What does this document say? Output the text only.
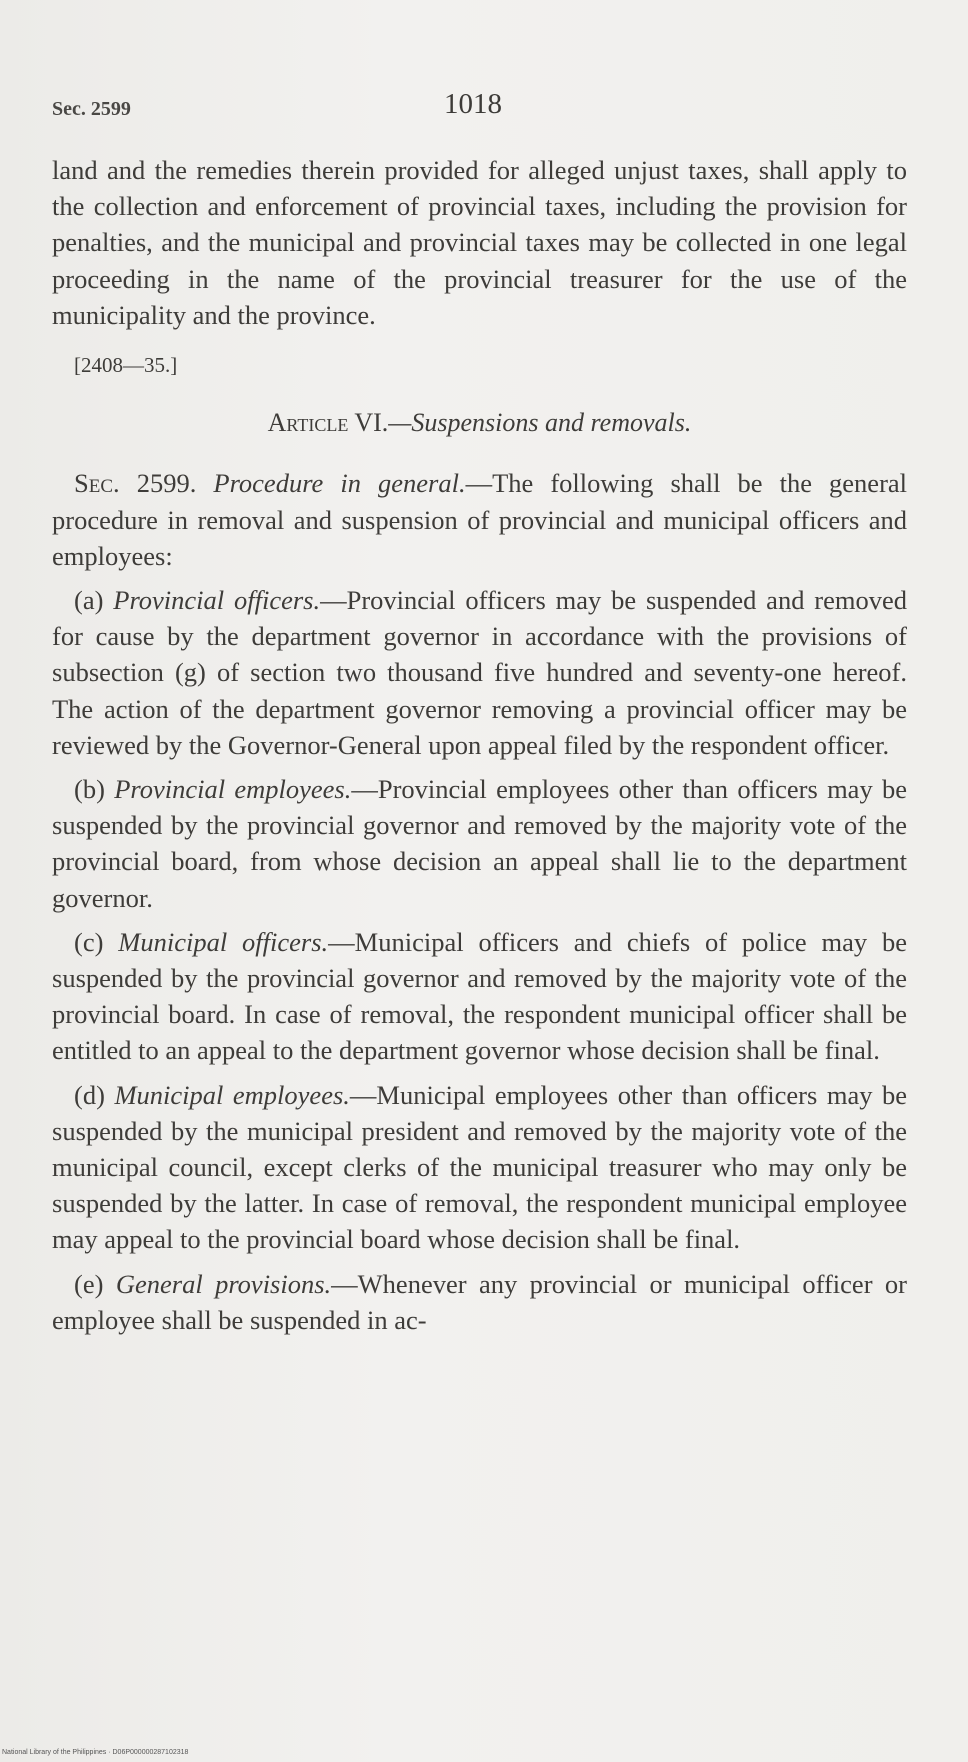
Sec. 2599	1018

land and the remedies therein provided for alleged unjust taxes, shall apply to the collection and enforcement of provincial taxes, including the provision for penalties, and the municipal and provincial taxes may be collected in one legal proceeding in the name of the provincial treasurer for the use of the municipality and the province.

[2408—35.]

Article VI.—Suspensions and removals.

Sec. 2599. Procedure in general.—The following shall be the general procedure in removal and suspension of provincial and municipal officers and employees:

(a) Provincial officers.—Provincial officers may be suspended and removed for cause by the department governor in accordance with the provisions of subsection (g) of section two thousand five hundred and seventy-one hereof. The action of the department governor removing a provincial officer may be reviewed by the Governor-General upon appeal filed by the respondent officer.

(b) Provincial employees.—Provincial employees other than officers may be suspended by the provincial governor and removed by the majority vote of the provincial board, from whose decision an appeal shall lie to the department governor.

(c) Municipal officers.—Municipal officers and chiefs of police may be suspended by the provincial governor and removed by the majority vote of the provincial board. In case of removal, the respondent municipal officer shall be entitled to an appeal to the department governor whose decision shall be final.

(d) Municipal employees.—Municipal employees other than officers may be suspended by the municipal president and removed by the majority vote of the municipal council, except clerks of the municipal treasurer who may only be suspended by the latter. In case of removal, the respondent municipal employee may appeal to the provincial board whose decision shall be final.

(e) General provisions.—Whenever any provincial or municipal officer or employee shall be suspended in ac-

National Library of the Philippines · D06P000000287102318
